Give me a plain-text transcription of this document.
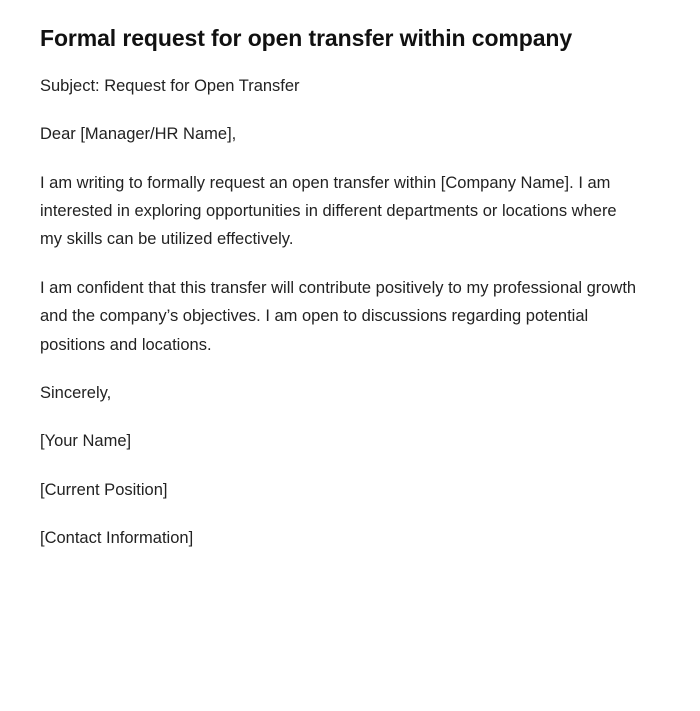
Formal request for open transfer within company

Subject: Request for Open Transfer

Dear [Manager/HR Name],

I am writing to formally request an open transfer within [Company Name]. I am interested in exploring opportunities in different departments or locations where my skills can be utilized effectively.

I am confident that this transfer will contribute positively to my professional growth and the company’s objectives. I am open to discussions regarding potential positions and locations.

Sincerely,

[Your Name]

[Current Position]

[Contact Information]
